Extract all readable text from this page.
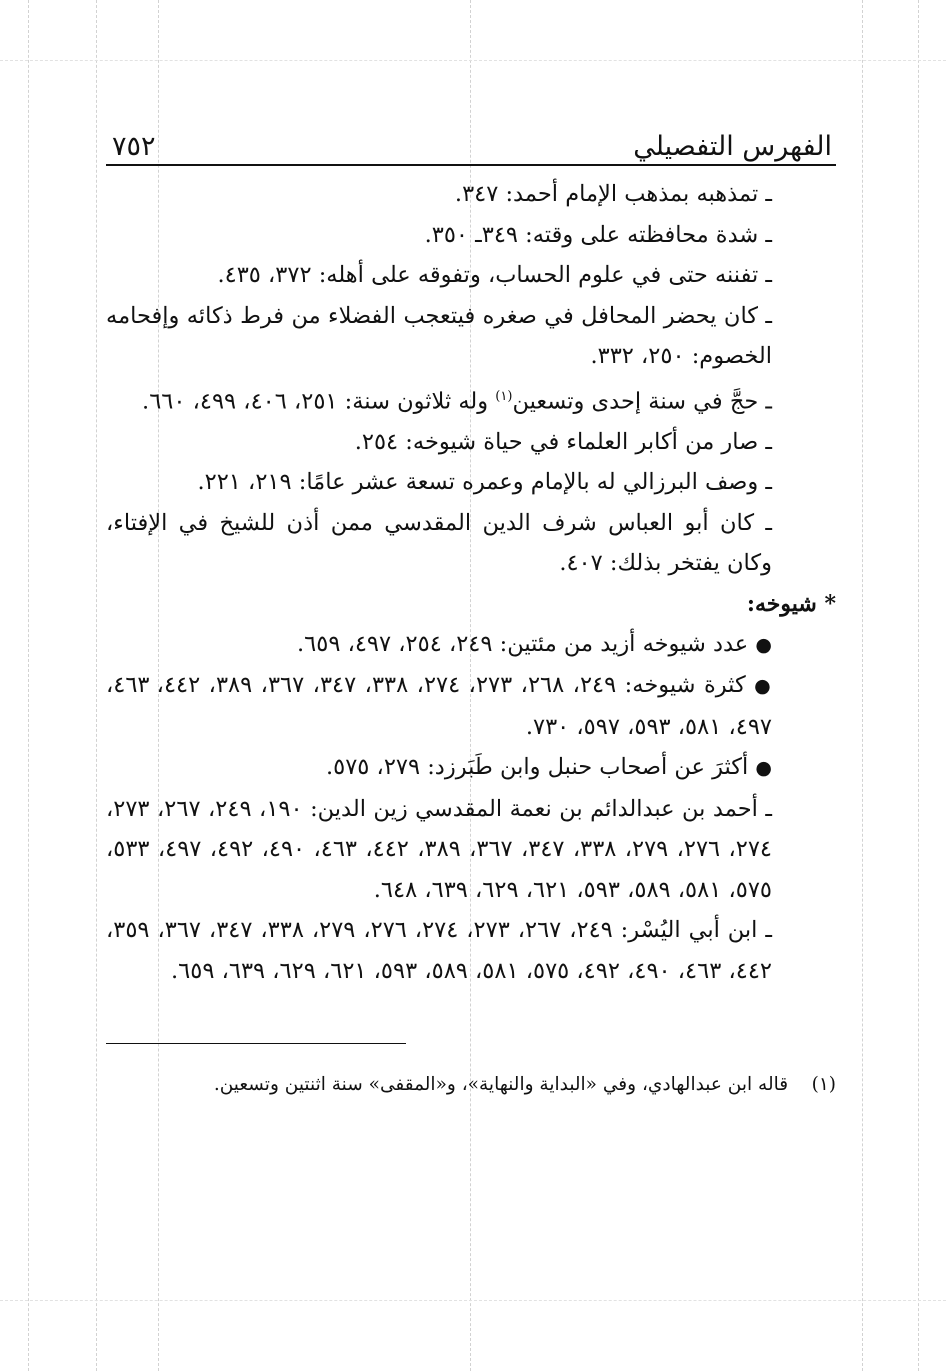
الفهرس التفصيلي
٧٥٢

ـ تمذهبه بمذهب الإمام أحمد: ٣٤٧.

ـ شدة محافظته على وقته: ٣٤٩ـ ٣٥٠.

ـ تفننه حتى في علوم الحساب، وتفوقه على أهله: ٣٧٢، ٤٣٥.

ـ كان يحضر المحافل في صغره فيتعجب الفضلاء من فرط ذكائه وإفحامه الخصوم: ٢٥٠، ٣٣٢.

ـ حجَّ في سنة إحدى وتسعين$^{(١)}$ وله ثلاثون سنة: ٢٥١، ٤٠٦، ٤٩٩، ٦٦٠.

ـ صار من أكابر العلماء في حياة شيوخه: ٢٥٤.

ـ وصف البرزالي له بالإمام وعمره تسعة عشر عامًا: ٢١٩، ٢٢١.

ـ كان أبو العباس شرف الدين المقدسي ممن أذن للشيخ في الإفتاء، وكان يفتخر بذلك: ٤٠٧.

* شيوخه:

● عدد شيوخه أزيد من مئتين: ٢٤٩، ٢٥٤، ٤٩٧، ٦٥٩.

● كثرة شيوخه: ٢٤٩، ٢٦٨، ٢٧٣، ٢٧٤، ٣٣٨، ٣٤٧، ٣٦٧، ٣٨٩، ٤٤٢، ٤٦٣، ٤٩٧، ٥٨١، ٥٩٣، ٥٩٧، ٧٣٠.

● أكثرَ عن أصحاب حنبل وابن طَبَرزد: ٢٧٩، ٥٧٥.

ـ أحمد بن عبدالدائم بن نعمة المقدسي زين الدين: ١٩٠، ٢٤٩، ٢٦٧، ٢٧٣، ٢٧٤، ٢٧٦، ٢٧٩، ٣٣٨، ٣٤٧، ٣٦٧، ٣٨٩، ٤٤٢، ٤٦٣، ٤٩٠، ٤٩٢، ٤٩٧، ٥٣٣، ٥٧٥، ٥٨١، ٥٨٩، ٥٩٣، ٦٢١، ٦٢٩، ٦٣٩، ٦٤٨.

ـ ابن أبي اليُسْر: ٢٤٩، ٢٦٧، ٢٧٣، ٢٧٤، ٢٧٦، ٢٧٩، ٣٣٨، ٣٤٧، ٣٦٧، ٣٥٩، ٤٤٢، ٤٦٣، ٤٩٠، ٤٩٢، ٥٧٥، ٥٨١، ٥٨٩، ٥٩٣، ٦٢١، ٦٢٩، ٦٣٩، ٦٥٩.

(١)    قاله ابن عبدالهادي، وفي «البداية والنهاية»، و«المقفى» سنة اثنتين وتسعين.
